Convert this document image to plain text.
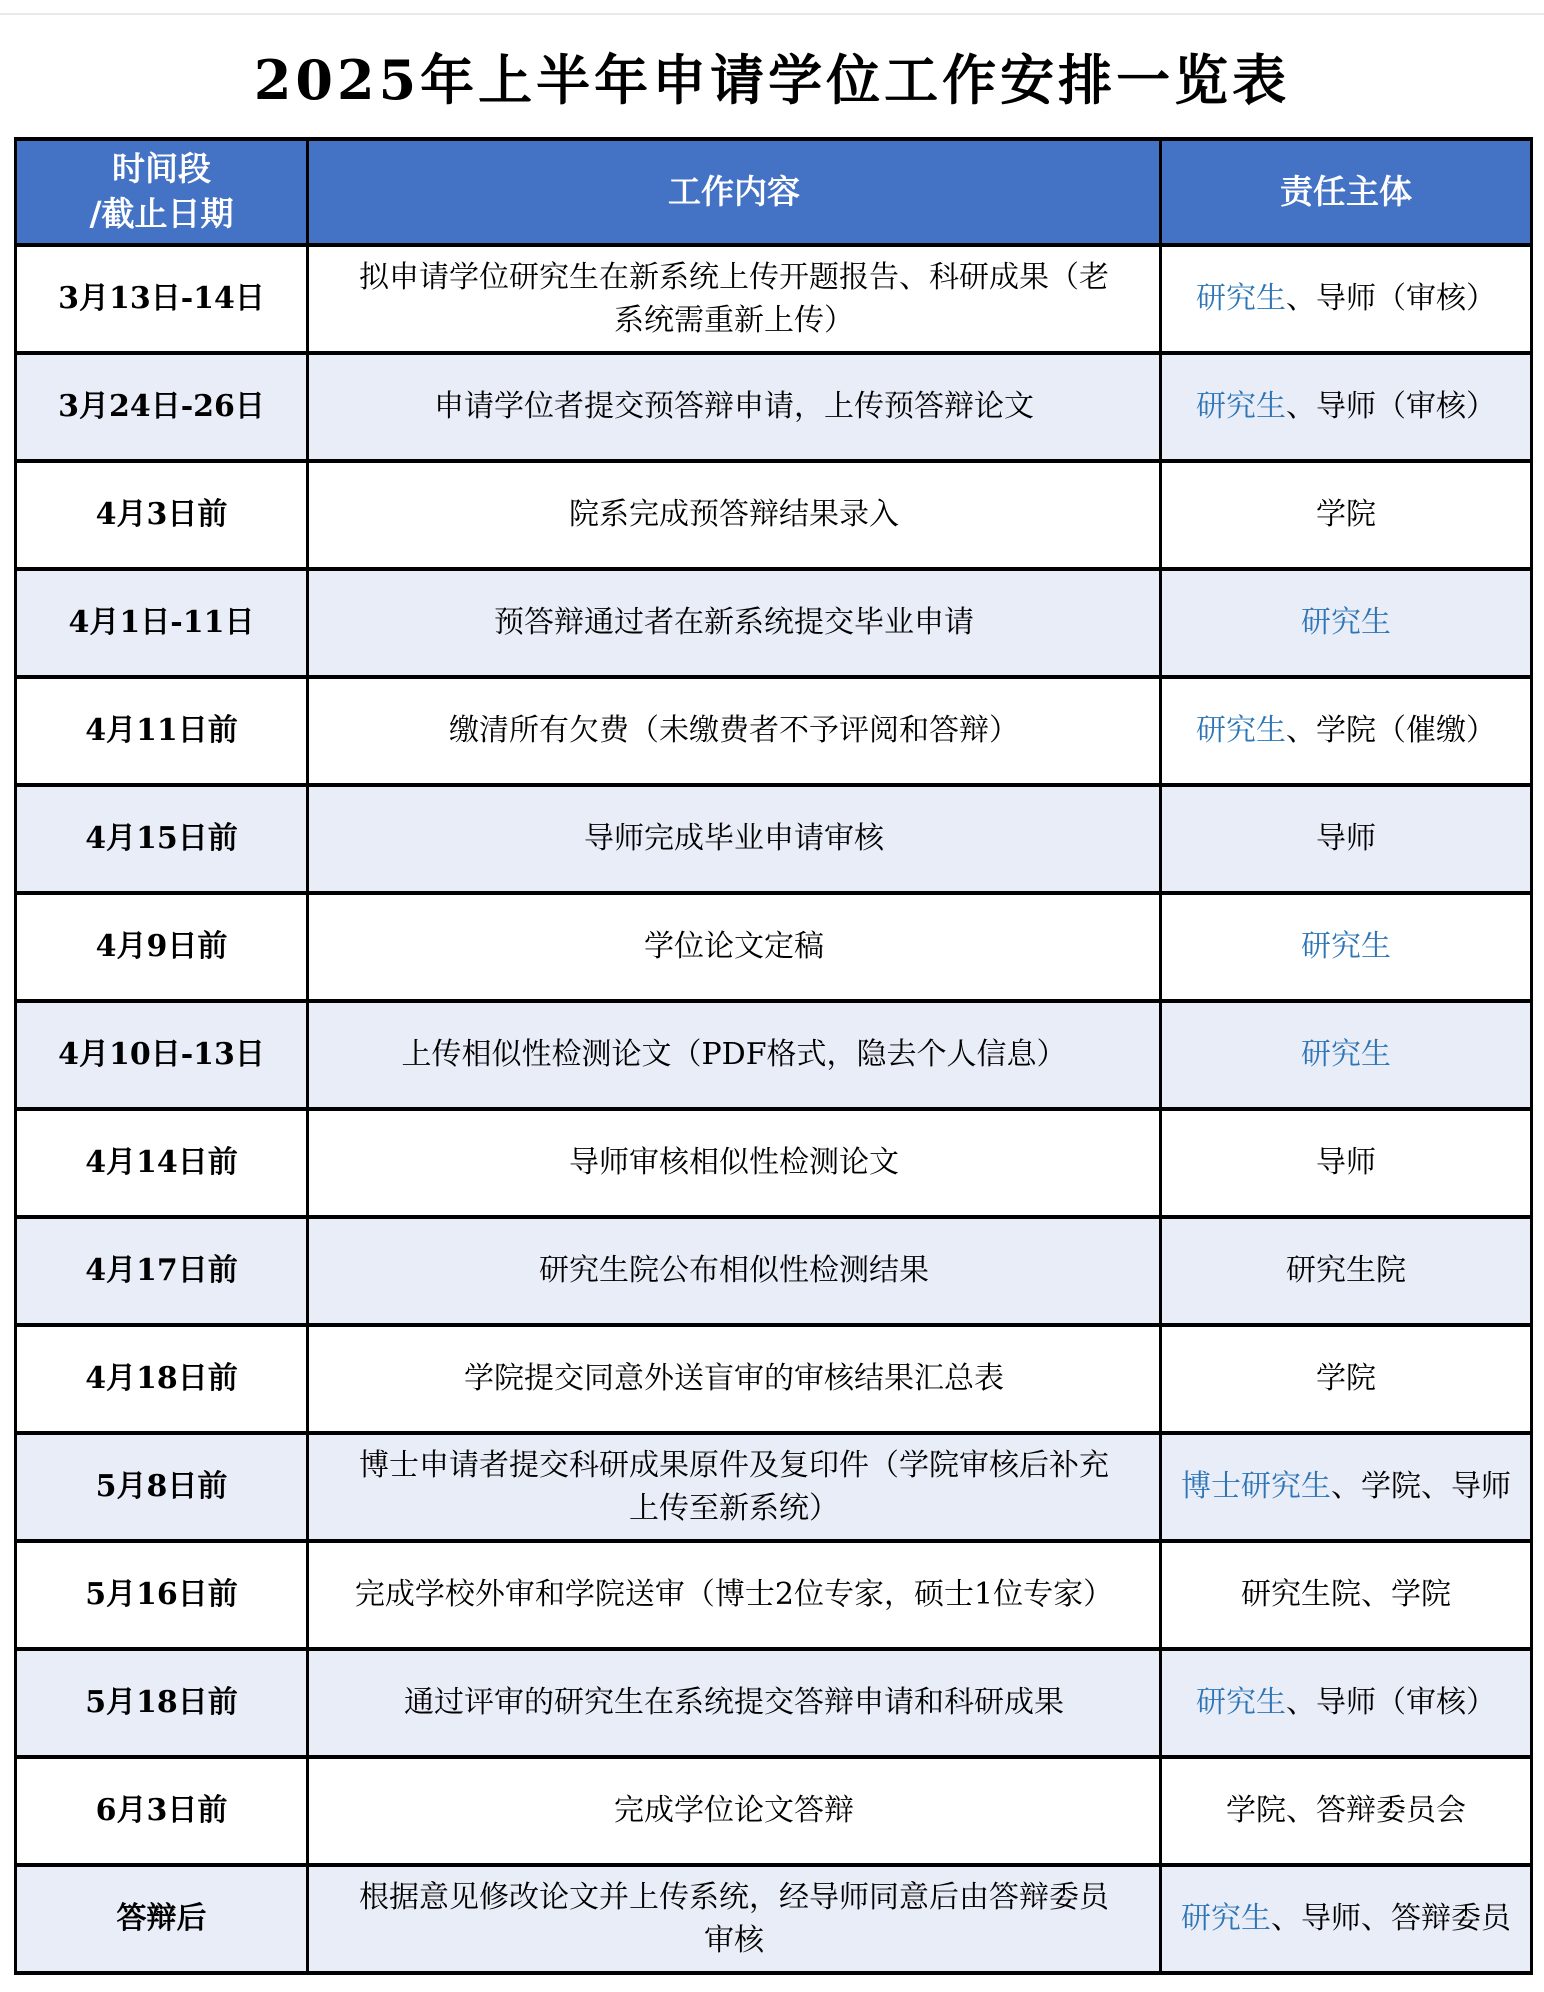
2025年上半年申请学位工作安排一览表
时间段
/截止日期	工作内容	责任主体
3月13日-14日	拟申请学位研究生在新系统上传开题报告、科研成果（老系统需重新上传）	研究生、导师（审核）
3月24日-26日	申请学位者提交预答辩申请，上传预答辩论文	研究生、导师（审核）
4月3日前	院系完成预答辩结果录入	学院
4月1日-11日	预答辩通过者在新系统提交毕业申请	研究生
4月11日前	缴清所有欠费（未缴费者不予评阅和答辩）	研究生、学院（催缴）
4月15日前	导师完成毕业申请审核	导师
4月9日前	学位论文定稿	研究生
4月10日-13日	上传相似性检测论文（PDF格式，隐去个人信息）	研究生
4月14日前	导师审核相似性检测论文	导师
4月17日前	研究生院公布相似性检测结果	研究生院
4月18日前	学院提交同意外送盲审的审核结果汇总表	学院
5月8日前	博士申请者提交科研成果原件及复印件（学院审核后补充上传至新系统）	博士研究生、学院、导师
5月16日前	完成学校外审和学院送审（博士2位专家，硕士1位专家）	研究生院、学院
5月18日前	通过评审的研究生在系统提交答辩申请和科研成果	研究生、导师（审核）
6月3日前	完成学位论文答辩	学院、答辩委员会
答辩后	根据意见修改论文并上传系统，经导师同意后由答辩委员审核	研究生、导师、答辩委员
